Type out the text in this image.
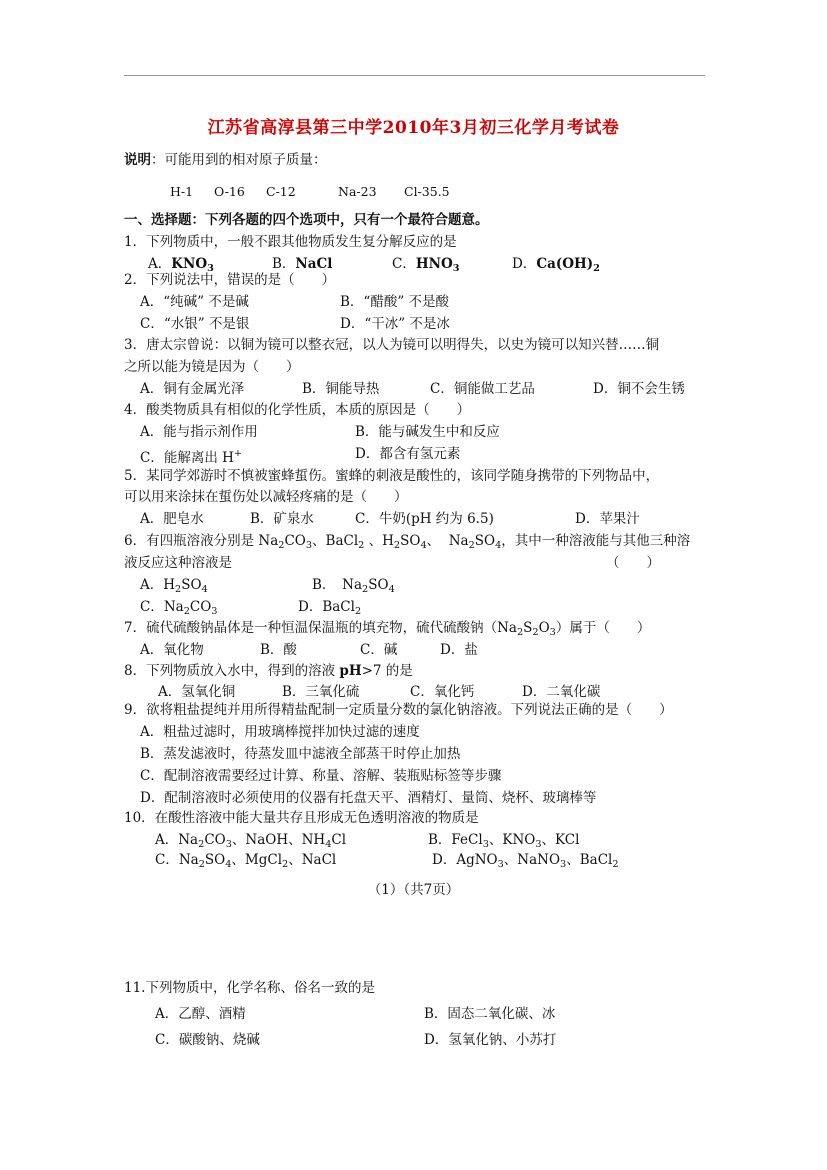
江苏省高淳县第三中学2010年3月初三化学月考试卷
说明：可能用到的相对原子质量：
H-1 O-16 C-12	Na-23 Cl-35.5
一、选择题：下列各题的四个选项中，只有一个最符合题意。
1．下列物质中，一般不跟其他物质发生复分解反应的是
A．$KNO_3$	B．NaCl	C．$HNO_3$	D．$Ca(OH)_2$
2．下列说法中，错误的是（　　）
A．“纯碱” 不是碱	B．“醋酸” 不是酸
C．“水银” 不是银	D．“干冰” 不是冰
3．唐太宗曾说：以铜为镜可以整衣冠，以人为镜可以明得失，以史为镜可以知兴替……铜
之所以能为镜是因为（　　）
A．铜有金属光泽	B．铜能导热	C．铜能做工艺品	D．铜不会生锈
4．酸类物质具有相似的化学性质，本质的原因是（　　）
A．能与指示剂作用	B．能与碱发生中和反应
C．能解离出 H+	D．都含有氢元素
5．某同学郊游时不慎被蜜蜂蜇伤。蜜蜂的刺液是酸性的，该同学随身携带的下列物品中，
可以用来涂抹在蜇伤处以减轻疼痛的是（　　）
A．肥皂水	B．矿泉水	C．牛奶(pH 约为 6.5)	D．苹果汁
6．有四瓶溶液分别是 $Na_2CO_3$、BaCl$_2$ 、$H_2SO_4$、  $Na_2SO_4$，其中一种溶液能与其他三种溶
液反应这种溶液是	（　　）
A．$H_2SO_4$	B．　$Na_2SO_4$
C．$Na_2CO_3$	D．BaCl$_2$
7．硫代硫酸钠晶体是一种恒温保温瓶的填充物，硫代硫酸钠$(Na_2S_2O_3)$属于（　　）
A．氧化物	B．酸	C．碱	D．盐
8．下列物质放入水中，得到的溶液 pH>7 的是
A．氢氧化铜	B．三氧化硫	C．氧化钙	D．二氧化碳
9．欲将粗盐提纯并用所得精盐配制一定质量分数的氯化钠溶液。下列说法正确的是（　　）
A．粗盐过滤时，用玻璃棒搅拌加快过滤的速度
B．蒸发滤液时，待蒸发皿中滤液全部蒸干时停止加热
C．配制溶液需要经过计算、称量、溶解、装瓶贴标签等步骤
D．配制溶液时必须使用的仪器有托盘天平、酒精灯、量筒、烧杯、玻璃棒等
10．在酸性溶液中能大量共存且形成无色透明溶液的物质是
A．$Na_2CO_3$、NaOH、$NH_4Cl$	B．FeCl$_3$、$KNO_3$、KCl
C．$Na_2SO_4$、MgCl$_2$、NaCl	D．AgNO$_3$、NaNO$_3$、BaCl$_2$
（1）（共7页）
11.下列物质中，化学名称、俗名一致的是
A．乙醇、酒精	B．固态二氧化碳、冰
C．碳酸钠、烧碱	D．氢氧化钠、小苏打
